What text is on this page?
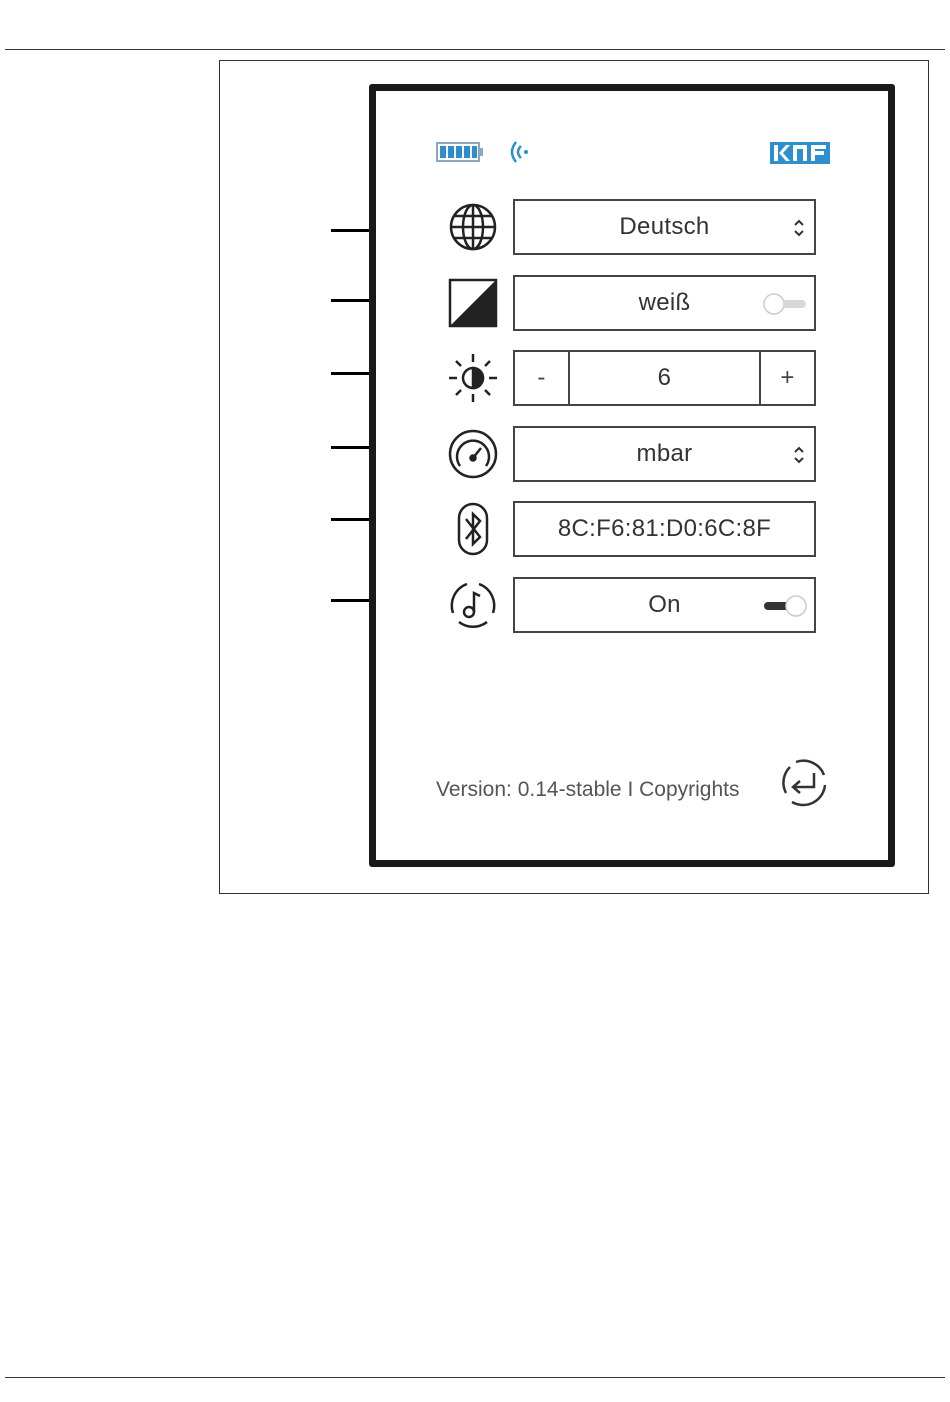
Deutsch
weiß
-	6	+
mbar
8C:F6:81:D0:6C:8F
On
Version: 0.14-stable I Copyrights
